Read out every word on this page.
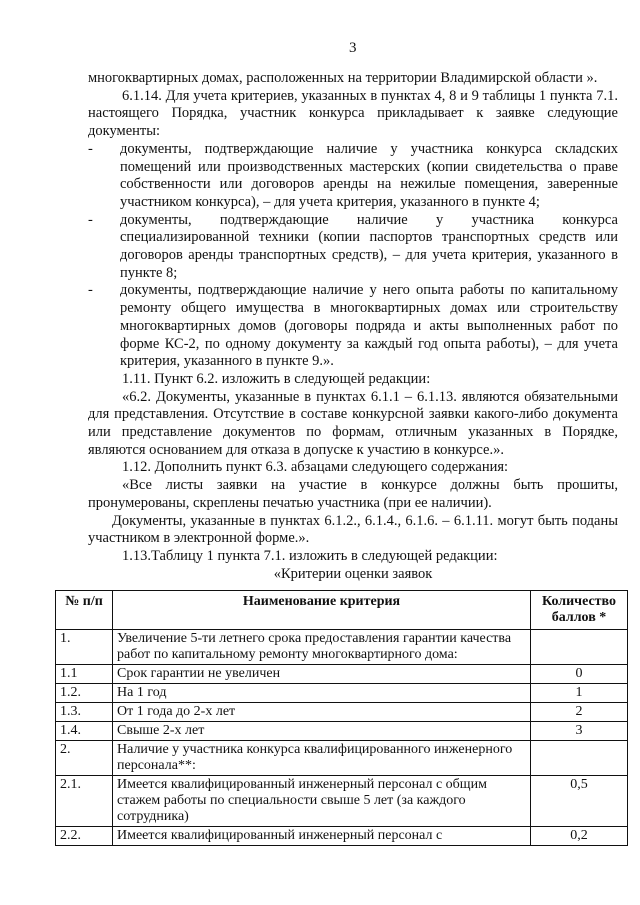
3

многоквартирных домах, расположенных на территории Владимирской области ».

6.1.14. Для учета критериев, указанных в пунктах 4, 8 и 9 таблицы 1 пункта 7.1. настоящего Порядка, участник конкурса прикладывает к заявке следующие документы:

-	документы, подтверждающие наличие у участника конкурса складских помещений или производственных мастерских (копии свидетельства о праве собственности или договоров аренды на нежилые помещения, заверенные участником конкурса), – для учета критерия, указанного в пункте 4;
-	документы, подтверждающие наличие у участника конкурса специализированной техники (копии паспортов транспортных средств или договоров аренды транспортных средств), – для учета критерия, указанного в пункте 8;
-	документы, подтверждающие наличие у него опыта работы по капитальному ремонту общего имущества в многоквартирных домах или строительству многоквартирных домов (договоры подряда и акты выполненных работ по форме КС-2, по одному документу за каждый год опыта работы), – для учета критерия, указанного в пункте 9.».

1.11. Пункт 6.2. изложить в следующей редакции:

«6.2. Документы, указанные в пунктах 6.1.1 – 6.1.13. являются обязательными для представления. Отсутствие в составе конкурсной заявки какого-либо документа или представление документов по формам, отличным указанных в Порядке, являются основанием для отказа в допуске к участию в конкурсе.».

1.12. Дополнить пункт 6.3. абзацами следующего содержания:

«Все листы заявки на участие в конкурсе должны быть прошиты, пронумерованы, скреплены печатью участника (при ее наличии).

Документы, указанные в пунктах 6.1.2., 6.1.4., 6.1.6. – 6.1.11. могут быть поданы участником в электронной форме.».

1.13.Таблицу 1 пункта 7.1. изложить в следующей редакции:

«Критерии оценки заявок

№ п/п	Наименование критерия	Количество баллов *
1.	Увеличение 5-ти летнего срока предоставления гарантии качества работ по капитальному ремонту многоквартирного дома:	
1.1	Срок гарантии не увеличен	0
1.2.	На 1 год	1
1.3.	От 1 года до 2-х лет	2
1.4.	Свыше 2-х лет	3
2.	Наличие у участника конкурса квалифицированного инженерного персонала**:	
2.1.	Имеется квалифицированный инженерный персонал с общим стажем работы по специальности свыше 5 лет (за каждого сотрудника)	0,5
2.2.	Имеется квалифицированный инженерный персонал с	0,2
